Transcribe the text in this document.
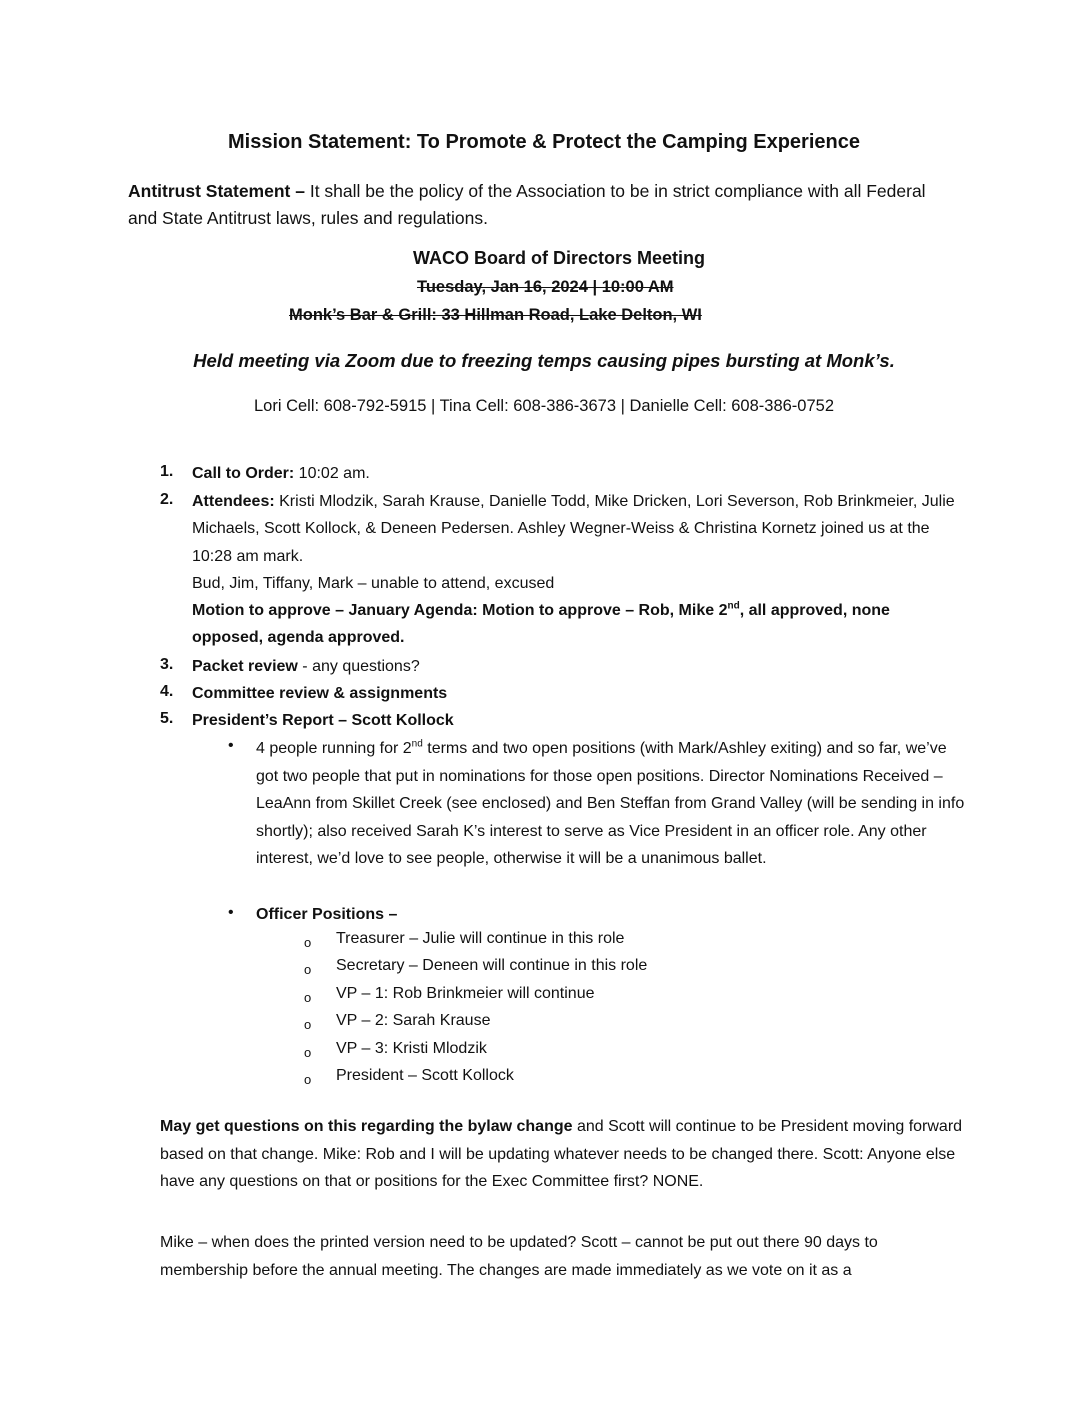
Mission Statement: To Promote & Protect the Camping Experience
Antitrust Statement – It shall be the policy of the Association to be in strict compliance with all Federal and State Antitrust laws, rules and regulations.
WACO Board of Directors Meeting
Tuesday, Jan 16, 2024 | 10:00 AM
Monk’s Bar & Grill: 33 Hillman Road, Lake Delton, WI
Held meeting via Zoom due to freezing temps causing pipes bursting at Monk’s.
Lori Cell: 608-792-5915 | Tina Cell: 608-386-3673 | Danielle Cell: 608-386-0752
1. Call to Order: 10:02 am.
2. Attendees: Kristi Mlodzik, Sarah Krause, Danielle Todd, Mike Dricken, Lori Severson, Rob Brinkmeier, Julie Michaels, Scott Kollock, & Deneen Pedersen. Ashley Wegner-Weiss & Christina Kornetz joined us at the 10:28 am mark.
Bud, Jim, Tiffany, Mark – unable to attend, excused
Motion to approve – January Agenda: Motion to approve – Rob, Mike 2nd, all approved, none opposed, agenda approved.
3. Packet review - any questions?
4. Committee review & assignments
5. President’s Report – Scott Kollock
• 4 people running for 2nd terms and two open positions (with Mark/Ashley exiting) and so far, we’ve got two people that put in nominations for those open positions. Director Nominations Received – LeaAnn from Skillet Creek (see enclosed) and Ben Steffan from Grand Valley (will be sending in info shortly); also received Sarah K’s interest to serve as Vice President in an officer role. Any other interest, we’d love to see people, otherwise it will be a unanimous ballet.
• Officer Positions –
o Treasurer – Julie will continue in this role
o Secretary – Deneen will continue in this role
o VP – 1: Rob Brinkmeier will continue
o VP – 2: Sarah Krause
o VP – 3: Kristi Mlodzik
o President – Scott Kollock
May get questions on this regarding the bylaw change and Scott will continue to be President moving forward based on that change. Mike: Rob and I will be updating whatever needs to be changed there. Scott: Anyone else have any questions on that or positions for the Exec Committee first? NONE.
Mike – when does the printed version need to be updated? Scott – cannot be put out there 90 days to membership before the annual meeting. The changes are made immediately as we vote on it as a
